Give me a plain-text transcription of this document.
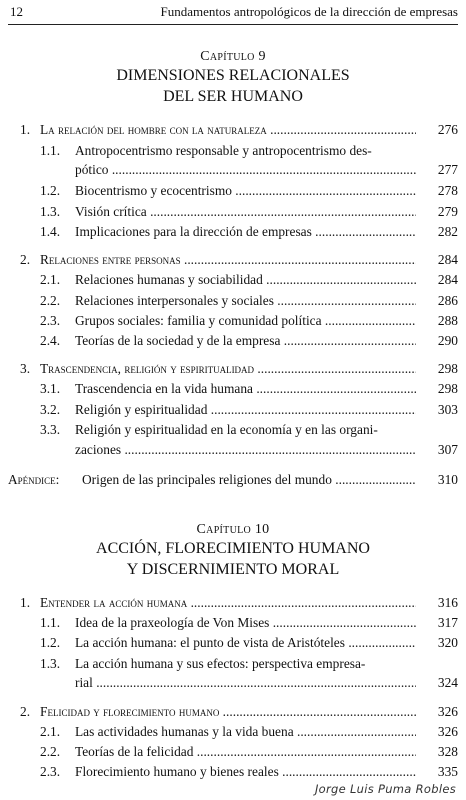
12	Fundamentos antropológicos de la dirección de empresas
Capítulo 9
DIMENSIONES RELACIONALES
DEL SER HUMANO
1. La relación del hombre con la naturaleza .....	276
1.1. Antropocentrismo responsable y antropocentrismo des-
pótico .....	277
1.2. Biocentrismo y ecocentrismo .....	278
1.3. Visión crítica .....	279
1.4. Implicaciones para la dirección de empresas .....	282
2. Relaciones entre personas .....	284
2.1. Relaciones humanas y sociabilidad .....	284
2.2. Relaciones interpersonales y sociales .....	286
2.3. Grupos sociales: familia y comunidad política .....	288
2.4. Teorías de la sociedad y de la empresa .....	290
3. Trascendencia, religión y espiritualidad .....	298
3.1. Trascendencia en la vida humana .....	298
3.2. Religión y espiritualidad .....	303
3.3. Religión y espiritualidad en la economía y en las organi-
zaciones .....	307
Apéndice: Origen de las principales religiones del mundo .....	310
Capítulo 10
ACCIÓN, FLORECIMIENTO HUMANO
Y DISCERNIMIENTO MORAL
1. Entender la acción humana .....	316
1.1. Idea de la praxeología de Von Mises .....	317
1.2. La acción humana: el punto de vista de Aristóteles .....	320
1.3. La acción humana y sus efectos: perspectiva empresa-
rial .....	324
2. Felicidad y florecimiento humano .....	326
2.1. Las actividades humanas y la vida buena .....	326
2.2. Teorías de la felicidad .....	328
2.3. Florecimiento humano y bienes reales .....	335
Jorge Luis Puma Robles
